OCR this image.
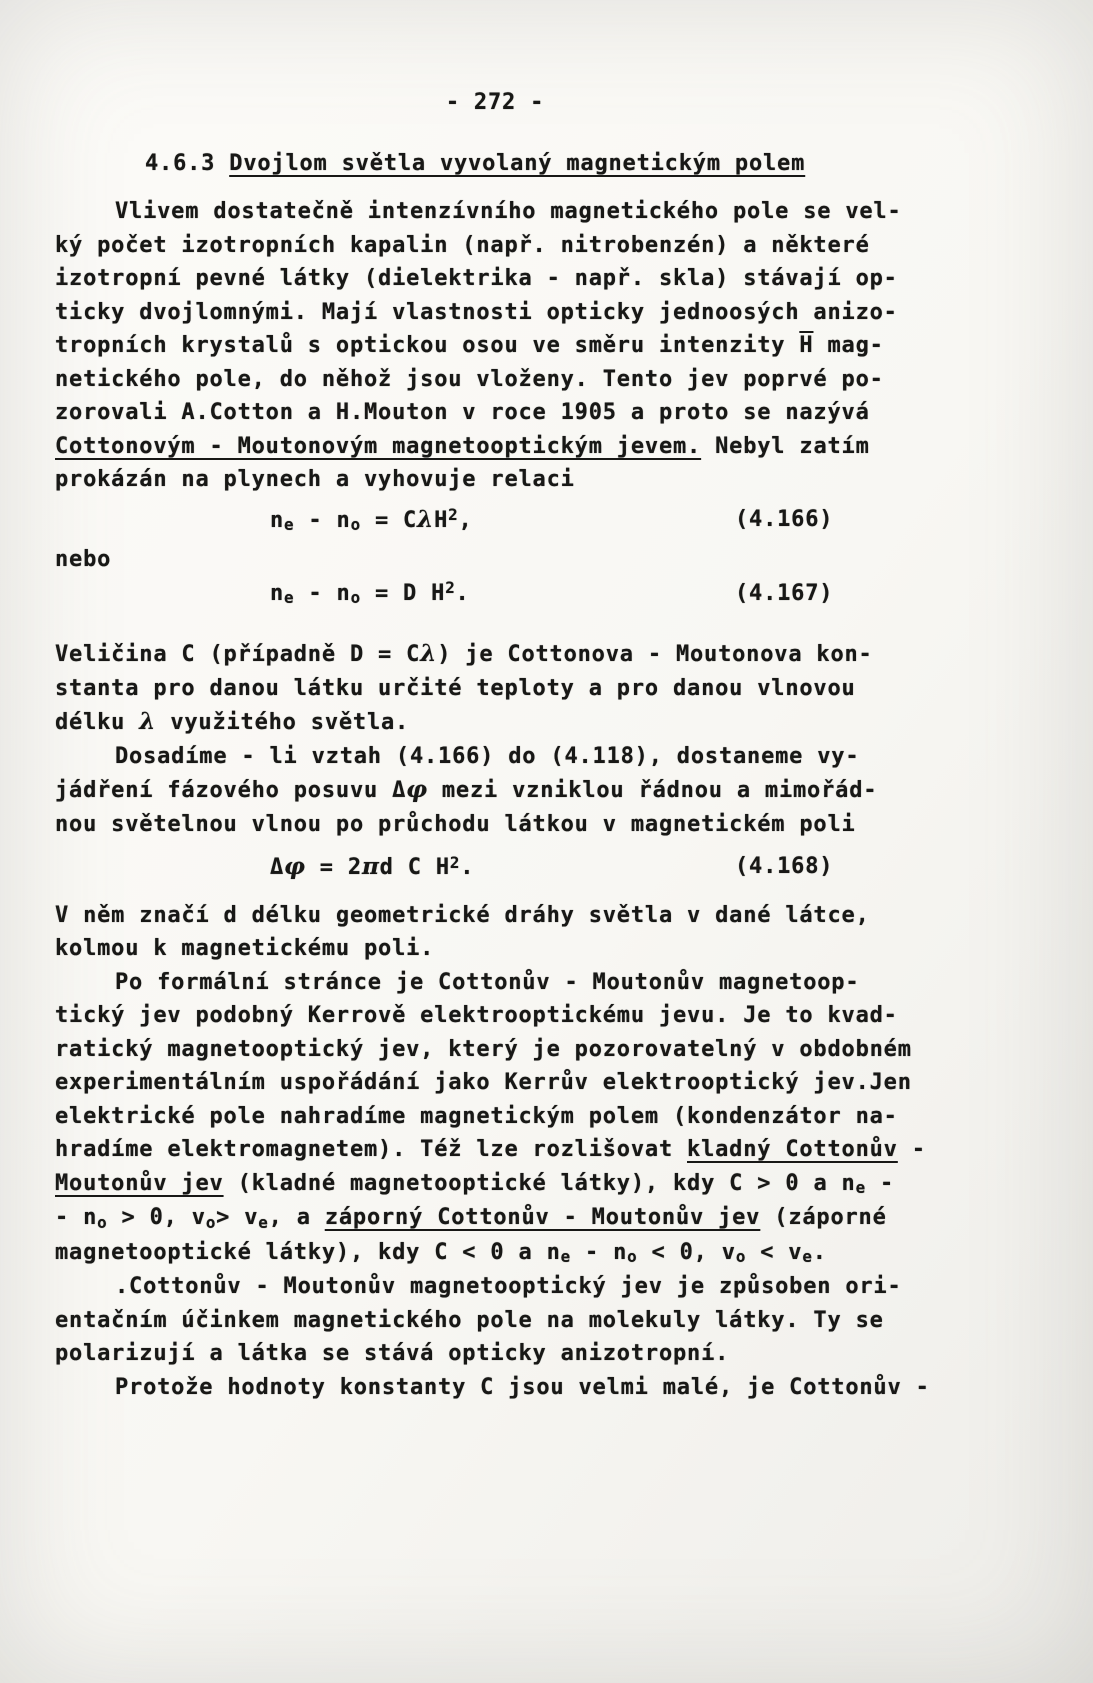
- 272 -
4.6.3 Dvojlom světla vyvolaný magnetickým polem
Vlivem dostatečně intenzívního magnetického pole se vel-
ký počet izotropních kapalin (např. nitrobenzén) a některé
izotropní pevné látky (dielektrika - např. skla) stávají op-
ticky dvojlomnými. Mají vlastnosti opticky jednoosých anizo-
tropních krystalů s optickou osou ve směru intenzity $\overline{H}$ mag-
netického pole, do něhož jsou vloženy. Tento jev poprvé po-
zorovali A.Cotton a H.Mouton v roce 1905 a proto se nazývá
Cottonovým - Moutonovým magnetooptickým jevem. Nebyl zatím
prokázán na plynech a vyhovuje relaci
ne - no = CλH$^2$,	(4.166)
nebo
ne - no = D $H^2$.	(4.167)
Veličina C (případně D = Cλ) je Cottonova - Moutonova kon-
stanta pro danou látku určité teploty a pro danou vlnovou
délku λ využitého světla.
Dosadíme - li vztah (4.166) do (4.118), dostaneme vy-
jádření fázového posuvu Δφ mezi vzniklou řádnou a mimořád-
nou světelnou vlnou po průchodu látkou v magnetickém poli
Δφ = 2πd C $H^2$.	(4.168)
V něm značí d délku geometrické dráhy světla v dané látce,
kolmou k magnetickému poli.
Po formální stránce je Cottonův - Moutonův magnetoop-
tický jev podobný Kerrově elektrooptickému jevu. Je to kvad-
ratický magnetooptický jev, který je pozorovatelný v obdobném
experimentálním uspořádání jako Kerrův elektrooptický jev.Jen
elektrické pole nahradíme magnetickým polem (kondenzátor na-
hradíme elektromagnetem). Též lze rozlišovat kladný Cottonův -
Moutonův jev (kladné magnetooptické látky), kdy C > 0 a ne -
- no > 0, vo> ve, a záporný Cottonův - Moutonův jev (záporné
magnetooptické látky), kdy C < 0 a ne - no < 0, vo < ve.
.Cottonův - Moutonův magnetooptický jev je způsoben ori-
entačním účinkem magnetického pole na molekuly látky. Ty se
polarizují a látka se stává opticky anizotropní.
Protože hodnoty konstanty C jsou velmi malé, je Cottonův -
